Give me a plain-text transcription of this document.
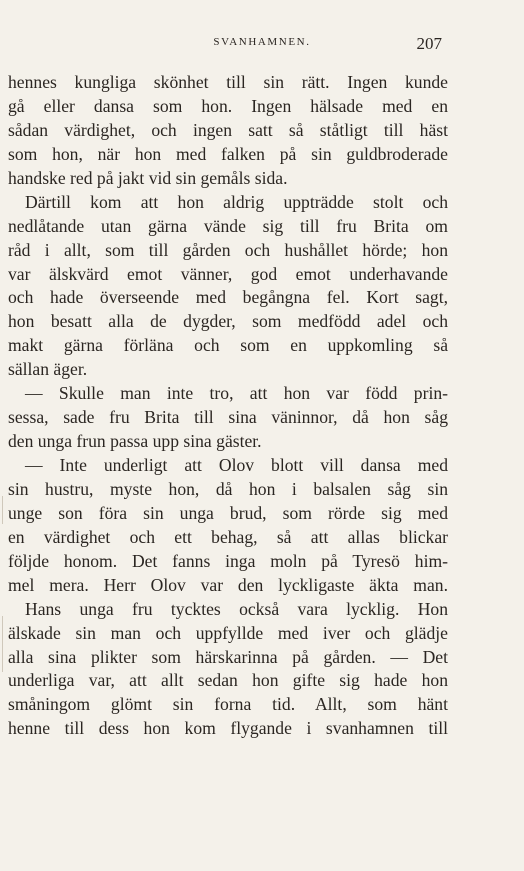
SVANHAMNEN.	207
hennes kungliga skönhet till sin rätt. Ingen kunde
gå eller dansa som hon. Ingen hälsade med en
sådan värdighet, och ingen satt så ståtligt till häst
som hon, när hon med falken på sin guldbroderade
handske red på jakt vid sin gemåls sida.
Därtill kom att hon aldrig uppträdde stolt och
nedlåtande utan gärna vände sig till fru Brita om
råd i allt, som till gården och hushållet hörde; hon
var älskvärd emot vänner, god emot underhavande
och hade överseende med begångna fel. Kort sagt,
hon besatt alla de dygder, som medfödd adel och
makt gärna förläna och som en uppkomling så
sällan äger.
— Skulle man inte tro, att hon var född prin-
sessa, sade fru Brita till sina väninnor, då hon såg
den unga frun passa upp sina gäster.
— Inte underligt att Olov blott vill dansa med
sin hustru, myste hon, då hon i balsalen såg sin
unge son föra sin unga brud, som rörde sig med
en värdighet och ett behag, så att allas blickar
följde honom. Det fanns inga moln på Tyresö him-
mel mera. Herr Olov var den lyckligaste äkta man.
Hans unga fru tycktes också vara lycklig. Hon
älskade sin man och uppfyllde med iver och glädje
alla sina plikter som härskarinna på gården. — Det
underliga var, att allt sedan hon gifte sig hade hon
småningom glömt sin forna tid. Allt, som hänt
henne till dess hon kom flygande i svanhamnen till
